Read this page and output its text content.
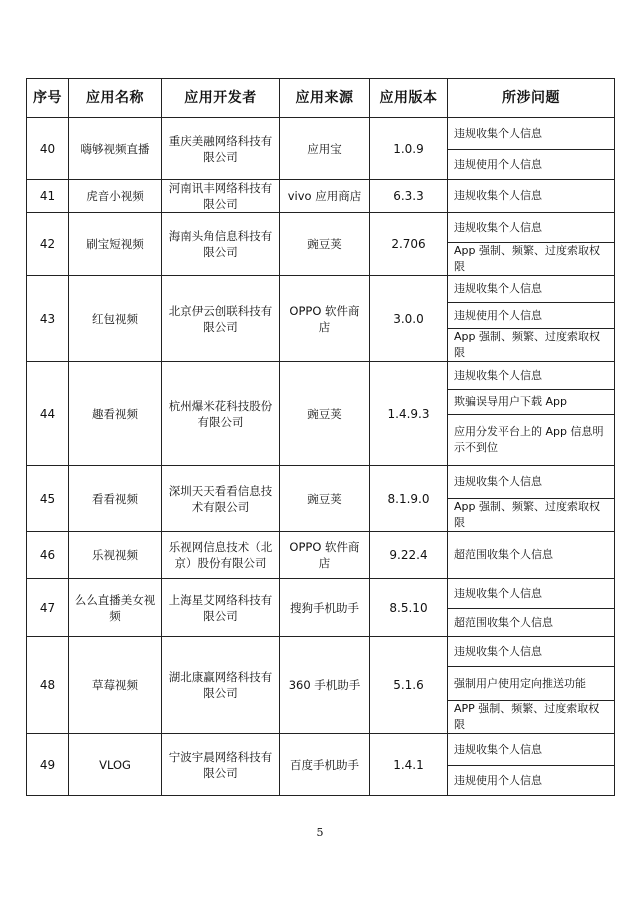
序号	应用名称	应用开发者	应用来源	应用版本	所涉问题
40	嗨够视频直播	重庆美融网络科技有限公司	应用宝	1.0.9	违规收集个人信息
					违规使用个人信息
41	虎音小视频	河南讯丰网络科技有限公司	vivo 应用商店	6.3.3	违规收集个人信息
42	刷宝短视频	海南头角信息科技有限公司	豌豆荚	2.706	违规收集个人信息
					App 强制、频繁、过度索取权限
43	红包视频	北京伊云创联科技有限公司	OPPO 软件商店	3.0.0	违规收集个人信息
					违规使用个人信息
					App 强制、频繁、过度索取权限
44	趣看视频	杭州爆米花科技股份有限公司	豌豆荚	1.4.9.3	违规收集个人信息
					欺骗误导用户下载 App
					应用分发平台上的 App 信息明示不到位
45	看看视频	深圳天天看看信息技术有限公司	豌豆荚	8.1.9.0	违规收集个人信息
					App 强制、频繁、过度索取权限
46	乐视视频	乐视网信息技术（北京）股份有限公司	OPPO 软件商店	9.22.4	超范围收集个人信息
47	么么直播美女视频	上海星艾网络科技有限公司	搜狗手机助手	8.5.10	违规收集个人信息
					超范围收集个人信息
48	草莓视频	湖北康赢网络科技有限公司	360 手机助手	5.1.6	违规收集个人信息
					强制用户使用定向推送功能
					APP 强制、频繁、过度索取权限
49	VLOG	宁波宇晨网络科技有限公司	百度手机助手	1.4.1	违规收集个人信息
					违规使用个人信息
5
